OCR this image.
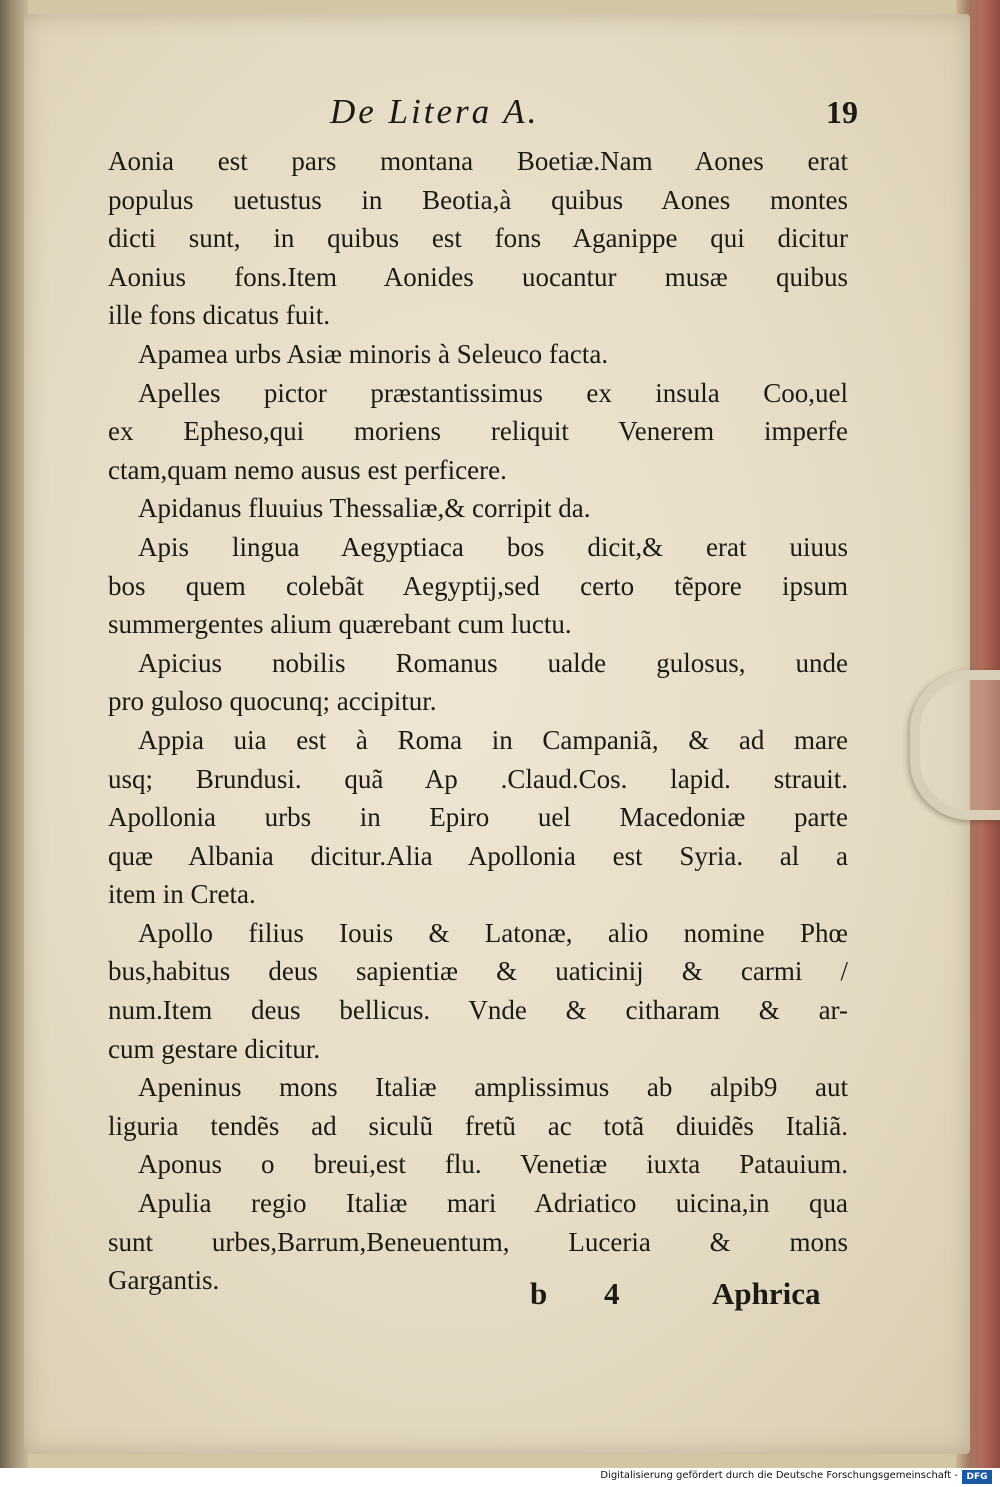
De Litera A.	19
Aonia est pars montana Boetiæ.Nam Aones erat
populus uetustus in Beotia,à quibus Aones montes
dicti sunt, in quibus est fons Aganippe qui dicitur
Aonius fons.Item Aonides uocantur musæ quibus
ille fons dicatus fuit.
Apamea urbs Asiæ minoris à Seleuco facta.
Apelles pictor præstantissimus ex insula Coo,uel
ex Epheso,qui moriens reliquit Venerem imperfe
ctam,quam nemo ausus est perficere.
Apidanus fluuius Thessaliæ,& corripit da.
Apis lingua Aegyptiaca bos dicit,& erat uiuus
bos quem colebãt Aegyptij,sed certo tẽpore ipsum
summergentes alium quærebant cum luctu.
Apicius nobilis Romanus ualde gulosus, unde
pro guloso quocunq; accipitur.
Appia uia est à Roma in Campaniã, & ad mare
usq; Brundusi. quã Ap .Claud.Cos. lapid. strauit.
Apollonia urbs in Epiro uel Macedoniæ parte
quæ Albania dicitur.Alia Apollonia est Syria. al a
item in Creta.
Apollo filius Iouis & Latonæ, alio nomine Phœ
bus,habitus deus sapientiæ & uaticinij & carmi /
num.Item deus bellicus. Vnde & citharam & ar-
cum gestare dicitur.
Apeninus mons Italiæ amplissimus ab alpib9 aut
liguria tendẽs ad siculũ fretũ ac totã diuidẽs Italiã.
Aponus o breui,est flu. Venetiæ iuxta Patauium.
Apulia regio Italiæ mari Adriatico uicina,in qua
sunt urbes,Barrum,Beneuentum, Luceria & mons
Gargantis.	b 4	Aphrica
Digitalisierung gefördert durch die Deutsche Forschungsgemeinschaft - DFG
